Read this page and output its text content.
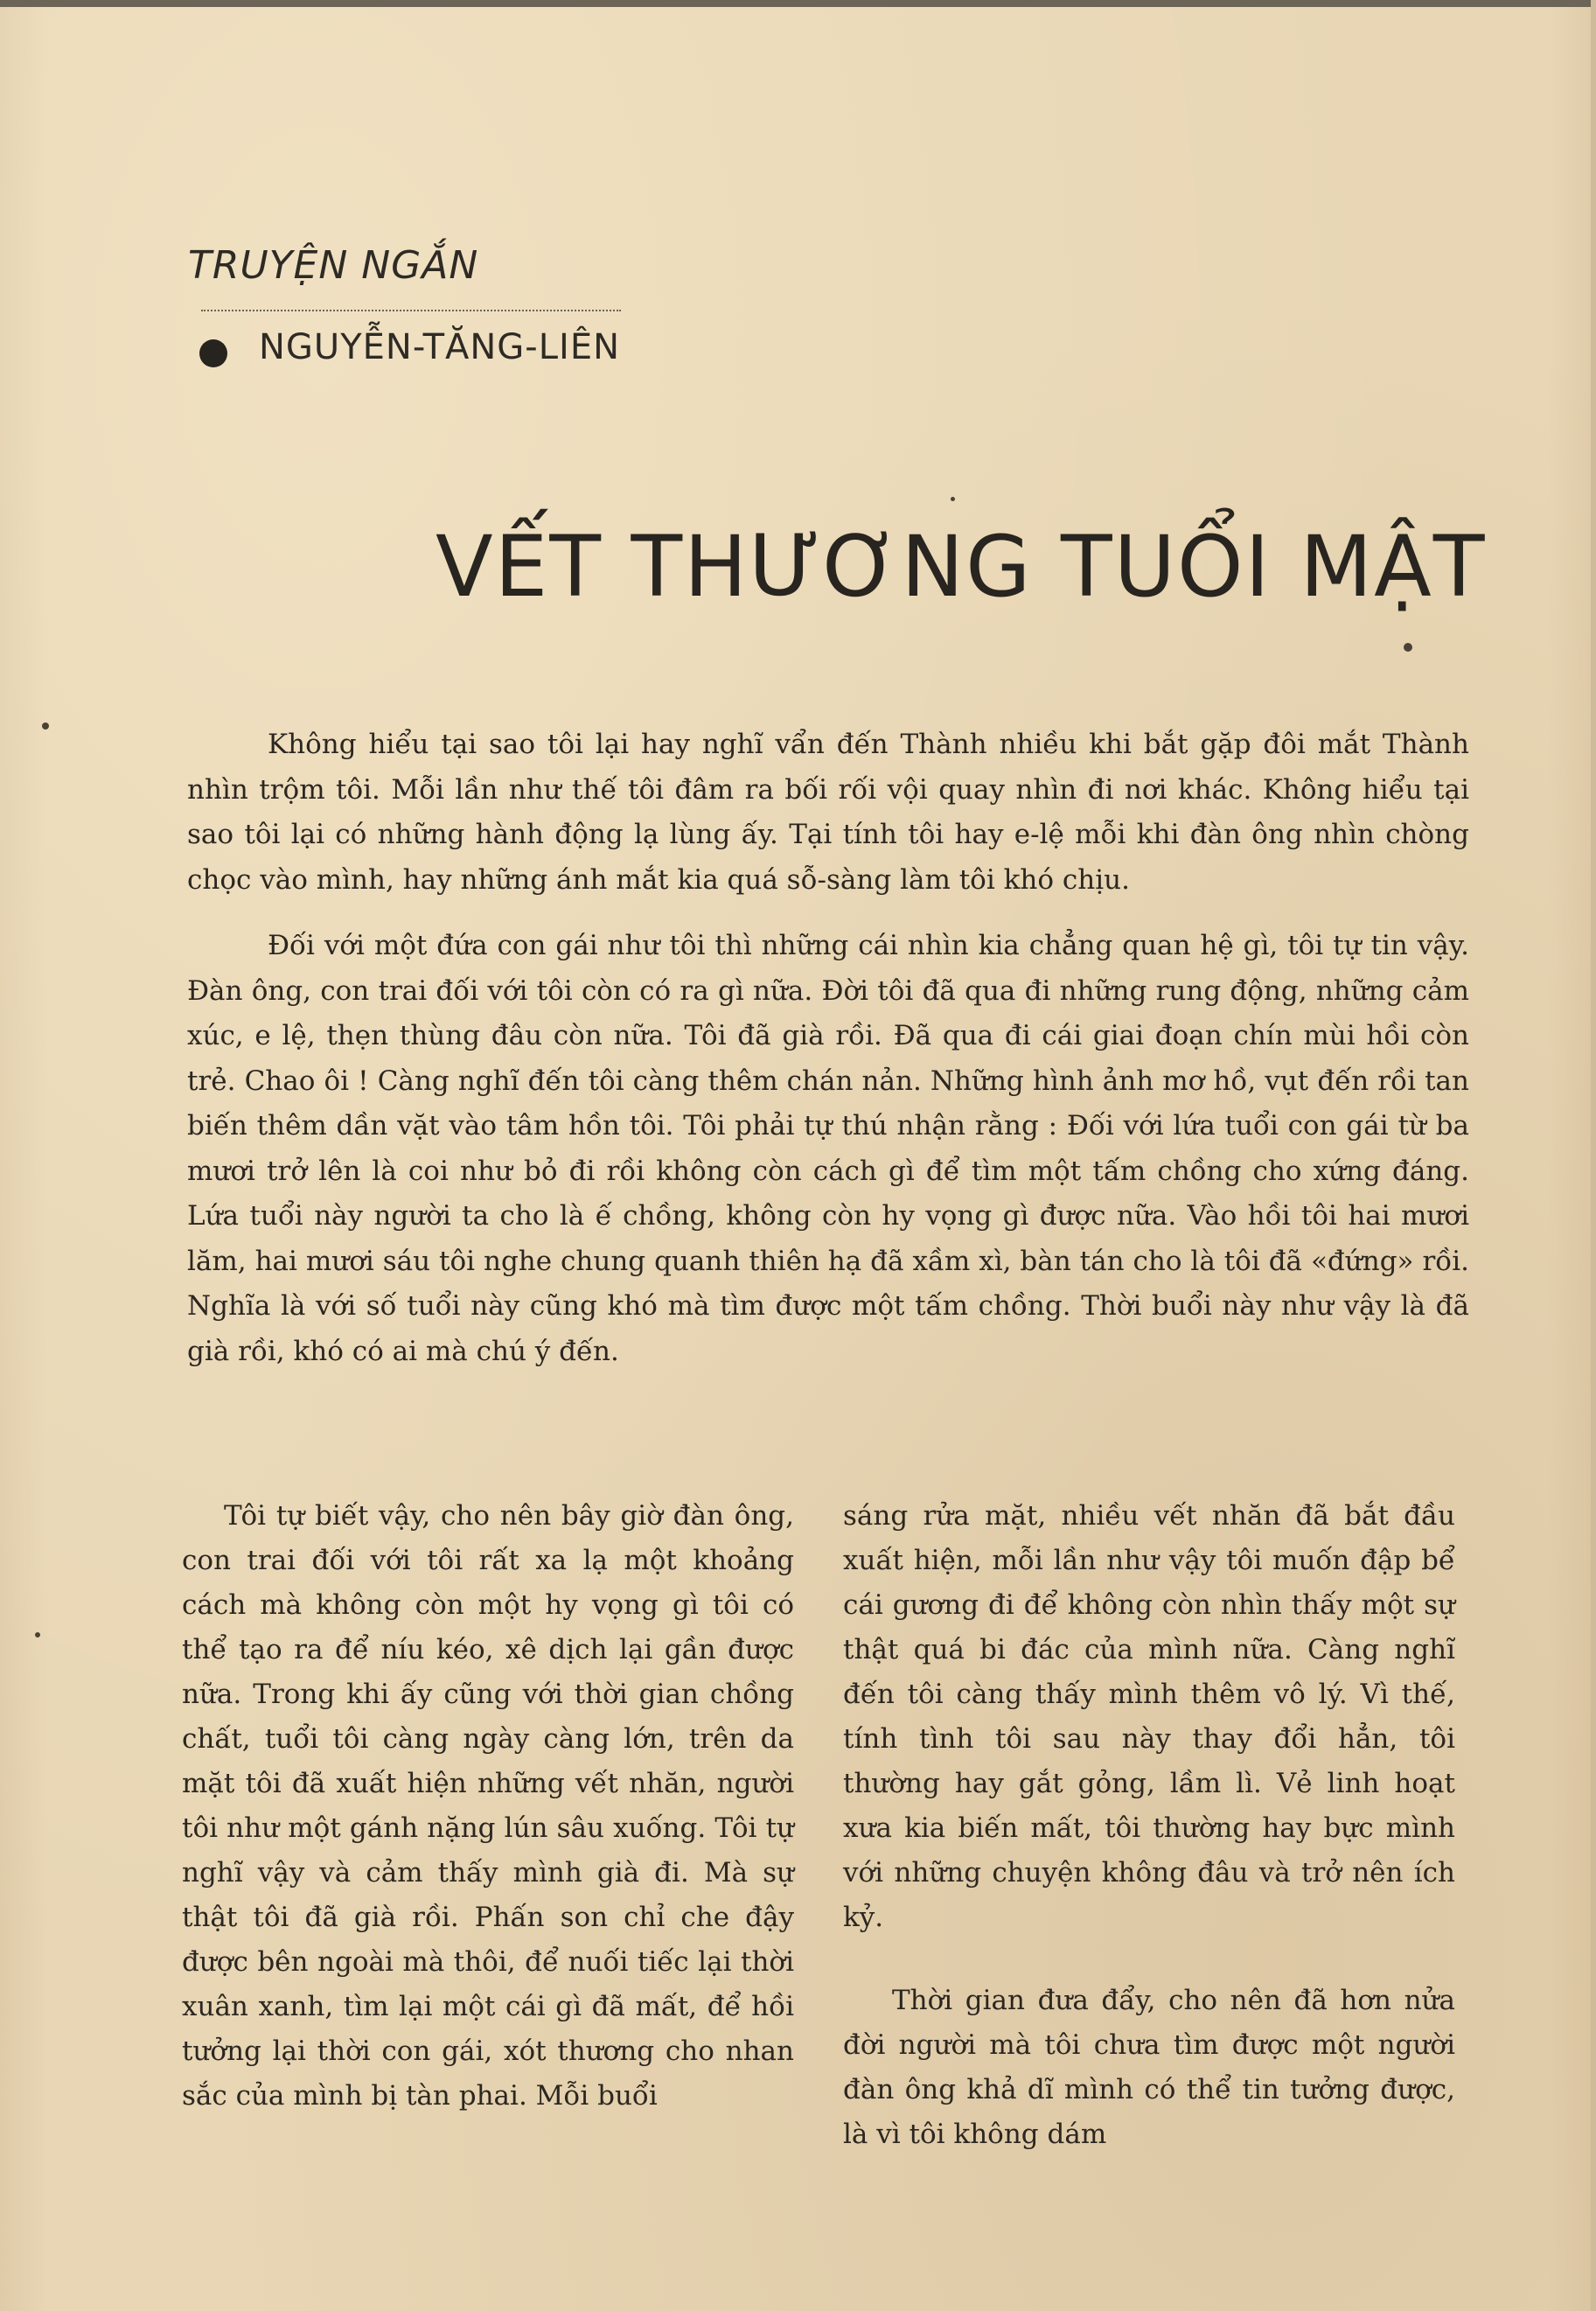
TRUYỆN NGẮN
NGUYỄN-TĂNG-LIÊN
VẾT THƯƠNG TUỔI MẬT

Không hiểu tại sao tôi lại hay nghĩ vẩn đến Thành nhiều khi bắt gặp đôi mắt Thành nhìn trộm tôi. Mỗi lần như thế tôi đâm ra bối rối vội quay nhìn đi nơi khác. Không hiểu tại sao tôi lại có những hành động lạ lùng ấy. Tại tính tôi hay e-lệ mỗi khi đàn ông nhìn chòng chọc vào mình, hay những ánh mắt kia quá sỗ-sàng làm tôi khó chịu.

Đối với một đứa con gái như tôi thì những cái nhìn kia chẳng quan hệ gì, tôi tự tin vậy. Đàn ông, con trai đối với tôi còn có ra gì nữa. Đời tôi đã qua đi những rung động, những cảm xúc, e lệ, thẹn thùng đâu còn nữa. Tôi đã già rồi. Đã qua đi cái giai đoạn chín mùi hồi còn trẻ. Chao ôi ! Càng nghĩ đến tôi càng thêm chán nản. Những hình ảnh mơ hồ, vụt đến rồi tan biến thêm dần vặt vào tâm hồn tôi. Tôi phải tự thú nhận rằng : Đối với lứa tuổi con gái từ ba mươi trở lên là coi như bỏ đi rồi không còn cách gì để tìm một tấm chồng cho xứng đáng. Lứa tuổi này người ta cho là ế chồng, không còn hy vọng gì được nữa. Vào hồi tôi hai mươi lăm, hai mươi sáu tôi nghe chung quanh thiên hạ đã xầm xì, bàn tán cho là tôi đã «đứng» rồi. Nghĩa là với số tuổi này cũng khó mà tìm được một tấm chồng. Thời buổi này như vậy là đã già rồi, khó có ai mà chú ý đến.

Tôi tự biết vậy, cho nên bây giờ đàn ông, con trai đối với tôi rất xa lạ một khoảng cách mà không còn một hy vọng gì tôi có thể tạo ra để níu kéo, xê dịch lại gần được nữa. Trong khi ấy cũng với thời gian chồng chất, tuổi tôi càng ngày càng lớn, trên da mặt tôi đã xuất hiện những vết nhăn, người tôi như một gánh nặng lún sâu xuống. Tôi tự nghĩ vậy và cảm thấy mình già đi. Mà sự thật tôi đã già rồi. Phấn son chỉ che đậy được bên ngoài mà thôi, để nuối tiếc lại thời xuân xanh, tìm lại một cái gì đã mất, để hồi tưởng lại thời con gái, xót thương cho nhan sắc của mình bị tàn phai. Mỗi buổi

sáng rửa mặt, nhiều vết nhăn đã bắt đầu xuất hiện, mỗi lần như vậy tôi muốn đập bể cái gương đi để không còn nhìn thấy một sự thật quá bi đác của mình nữa. Càng nghĩ đến tôi càng thấy mình thêm vô lý. Vì thế, tính tình tôi sau này thay đổi hẳn, tôi thường hay gắt gỏng, lầm lì. Vẻ linh hoạt xưa kia biến mất, tôi thường hay bực mình với những chuyện không đâu và trở nên ích kỷ.

Thời gian đưa đẩy, cho nên đã hơn nửa đời người mà tôi chưa tìm được một người đàn ông khả dĩ mình có thể tin tưởng được, là vì tôi không dám
